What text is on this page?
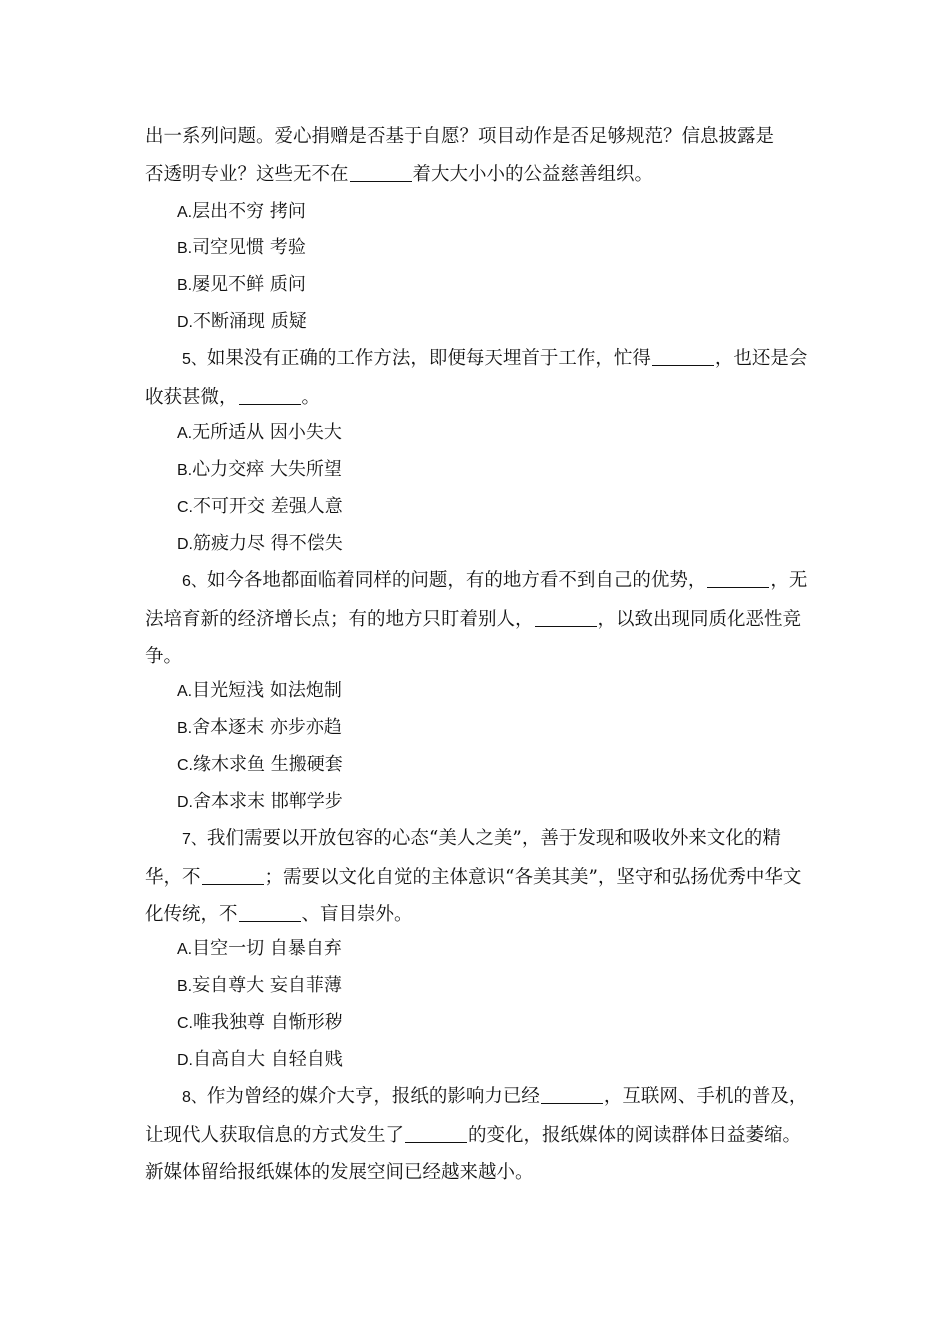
出一系列问题。爱心捐赠是否基于自愿？项目动作是否足够规范？信息披露是
否透明专业？这些无不在	着大大小小的公益慈善组织。

A.层出不穷 拷问

B.司空见惯 考验

B.屡见不鲜 质问

D.不断涌现 质疑

5、如果没有正确的工作方法，即便每天埋首于工作，忙得	，也还是会收获甚微，	。

A.无所适从 因小失大

B.心力交瘁 大失所望

C.不可开交 差强人意

D.筋疲力尽 得不偿失

6、如今各地都面临着同样的问题，有的地方看不到自己的优势，	，无法培育新的经济增长点；有的地方只盯着别人，	，以致出现同质化恶性竞争。

A.目光短浅 如法炮制

B.舍本逐末 亦步亦趋

C.缘木求鱼 生搬硬套

D.舍本求末 邯郸学步

7、我们需要以开放包容的心态“美人之美”，善于发现和吸收外来文化的精华，不	；需要以文化自觉的主体意识“各美其美”，坚守和弘扬优秀中华文化传统，不	、盲目崇外。

A.目空一切 自暴自弃

B.妄自尊大 妄自菲薄

C.唯我独尊 自惭形秽

D.自高自大 自轻自贱

8、作为曾经的媒介大亨，报纸的影响力已经	，互联网、手机的普及，让现代人获取信息的方式发生了	的变化，报纸媒体的阅读群体日益萎缩。新媒体留给报纸媒体的发展空间已经越来越小。
